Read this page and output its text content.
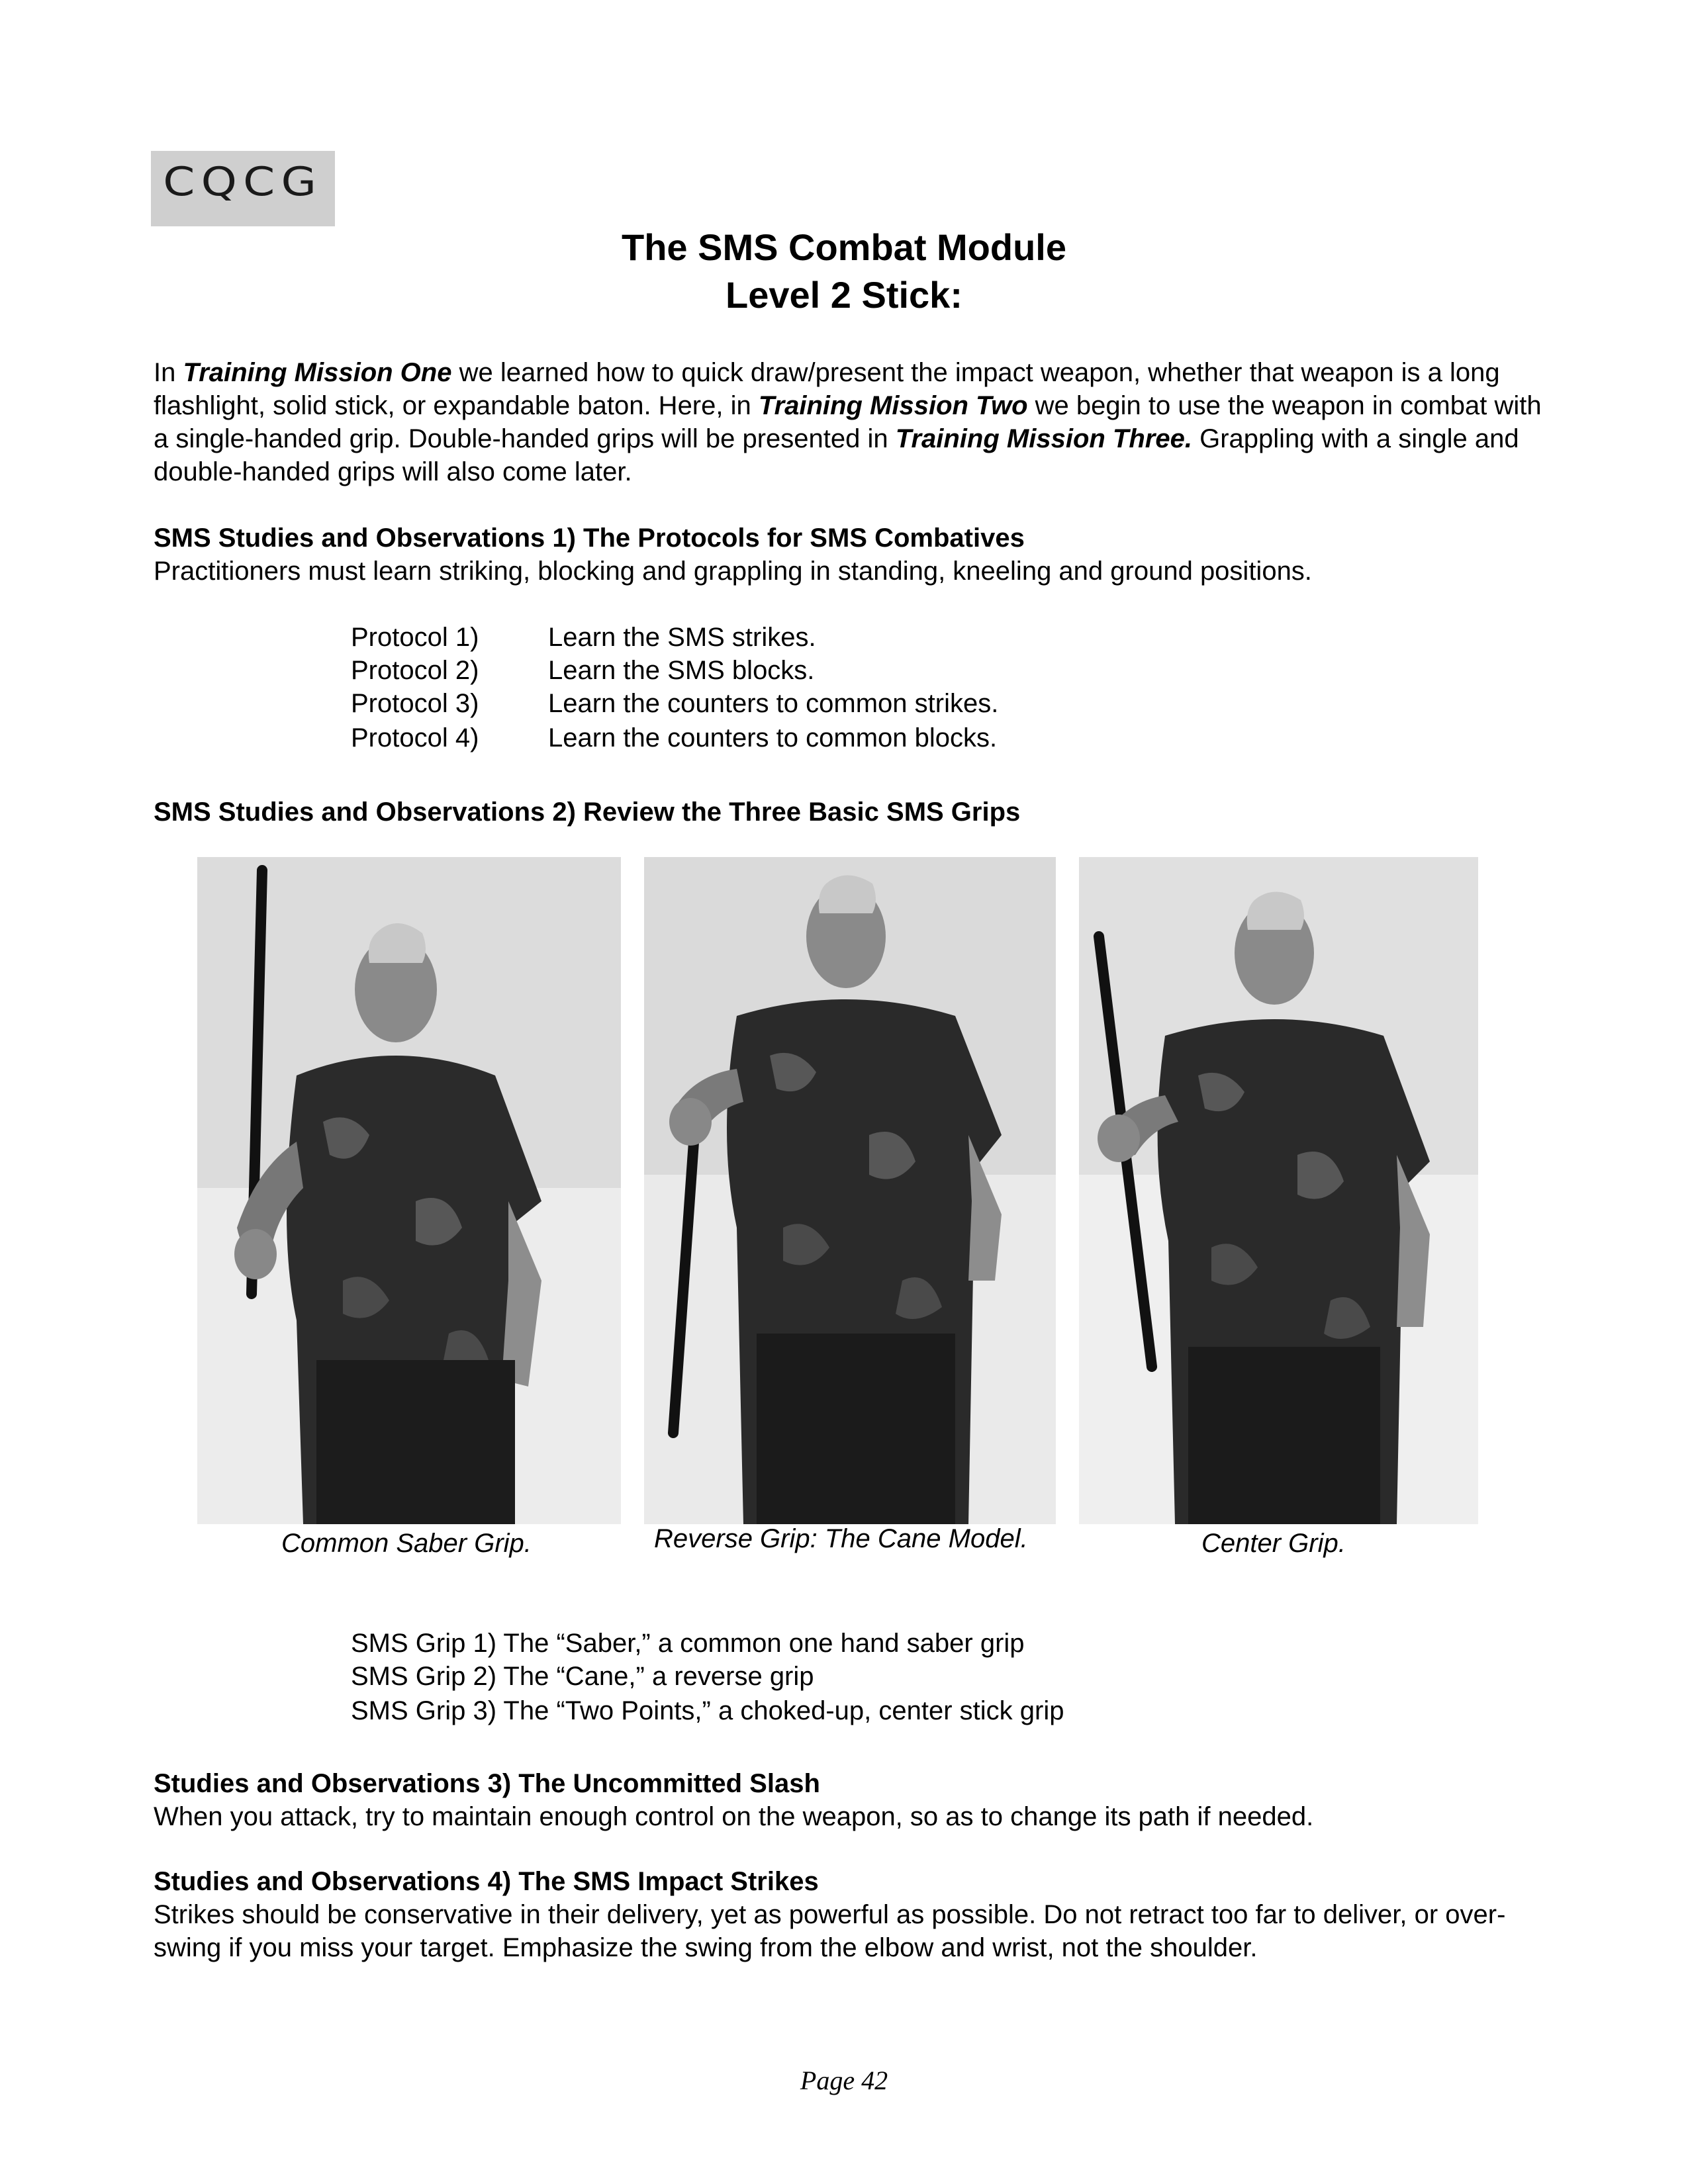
CQCG
The SMS Combat Module
Level 2 Stick:
In Training Mission One we learned how to quick draw/present the impact weapon, whether that weapon is a long flashlight, solid stick, or expandable baton. Here, in Training Mission Two we begin to use the weapon in combat with a single-handed grip. Double-handed grips will be presented in Training Mission Three. Grappling with a single and double-handed grips will also come later.
SMS Studies and Observations 1) The Protocols for SMS Combatives
Practitioners must learn striking, blocking and grappling in standing, kneeling and ground positions.
Protocol 1)	Learn the SMS strikes.
Protocol 2)	Learn the SMS blocks.
Protocol 3)	Learn the counters to common strikes.
Protocol 4)	Learn the counters to common blocks.
SMS Studies and Observations 2) Review the Three Basic SMS Grips
Common Saber Grip.	Reverse Grip: The Cane Model.	Center Grip.
SMS Grip 1) The “Saber,” a common one hand saber grip
SMS Grip 2) The “Cane,” a reverse grip
SMS Grip 3) The “Two Points,” a choked-up, center stick grip
Studies and Observations 3) The Uncommitted Slash
When you attack, try to maintain enough control on the weapon, so as to change its path if needed.
Studies and Observations 4) The SMS Impact Strikes
Strikes should be conservative in their delivery, yet as powerful as possible. Do not retract too far to deliver, or over-swing if you miss your target. Emphasize the swing from the elbow and wrist, not the shoulder.
Page 42
